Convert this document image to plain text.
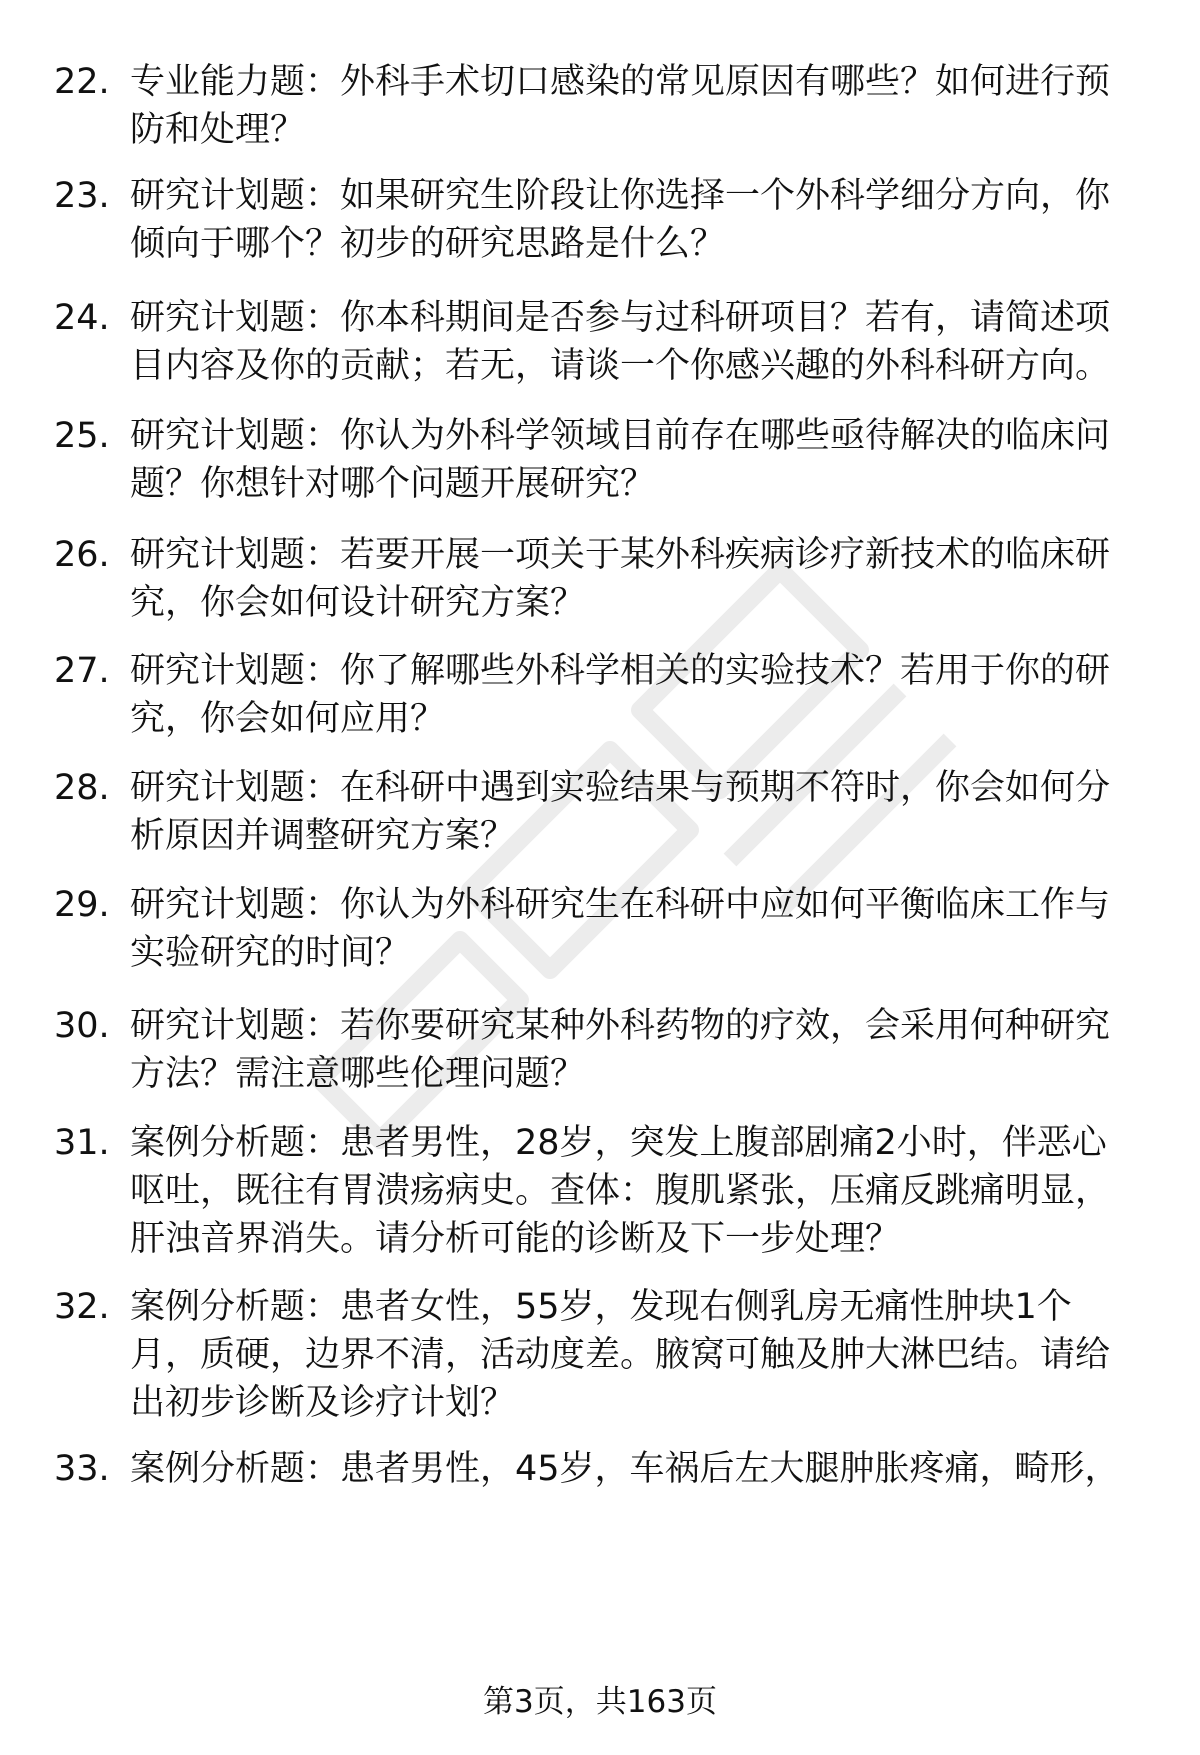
22. 专业能力题：外科手术切口感染的常见原因有哪些？如何进行预
防和处理？
23. 研究计划题：如果研究生阶段让你选择一个外科学细分方向，你
倾向于哪个？初步的研究思路是什么？
24. 研究计划题：你本科期间是否参与过科研项目？若有，请简述项
目内容及你的贡献；若无，请谈一个你感兴趣的外科科研方向。
25. 研究计划题：你认为外科学领域目前存在哪些亟待解决的临床问
题？你想针对哪个问题开展研究？
26. 研究计划题：若要开展一项关于某外科疾病诊疗新技术的临床研
究，你会如何设计研究方案？
27. 研究计划题：你了解哪些外科学相关的实验技术？若用于你的研
究，你会如何应用？
28. 研究计划题：在科研中遇到实验结果与预期不符时，你会如何分
析原因并调整研究方案？
29. 研究计划题：你认为外科研究生在科研中应如何平衡临床工作与
实验研究的时间？
30. 研究计划题：若你要研究某种外科药物的疗效，会采用何种研究
方法？需注意哪些伦理问题？
31. 案例分析题：患者男性，28岁，突发上腹部剧痛2小时，伴恶心
呕吐，既往有胃溃疡病史。查体：腹肌紧张，压痛反跳痛明显，
肝浊音界消失。请分析可能的诊断及下一步处理？
32. 案例分析题：患者女性，55岁，发现右侧乳房无痛性肿块1个
月，质硬，边界不清，活动度差。腋窝可触及肿大淋巴结。请给
出初步诊断及诊疗计划？
33. 案例分析题：患者男性，45岁，车祸后左大腿肿胀疼痛，畸形，
第3页，共163页
